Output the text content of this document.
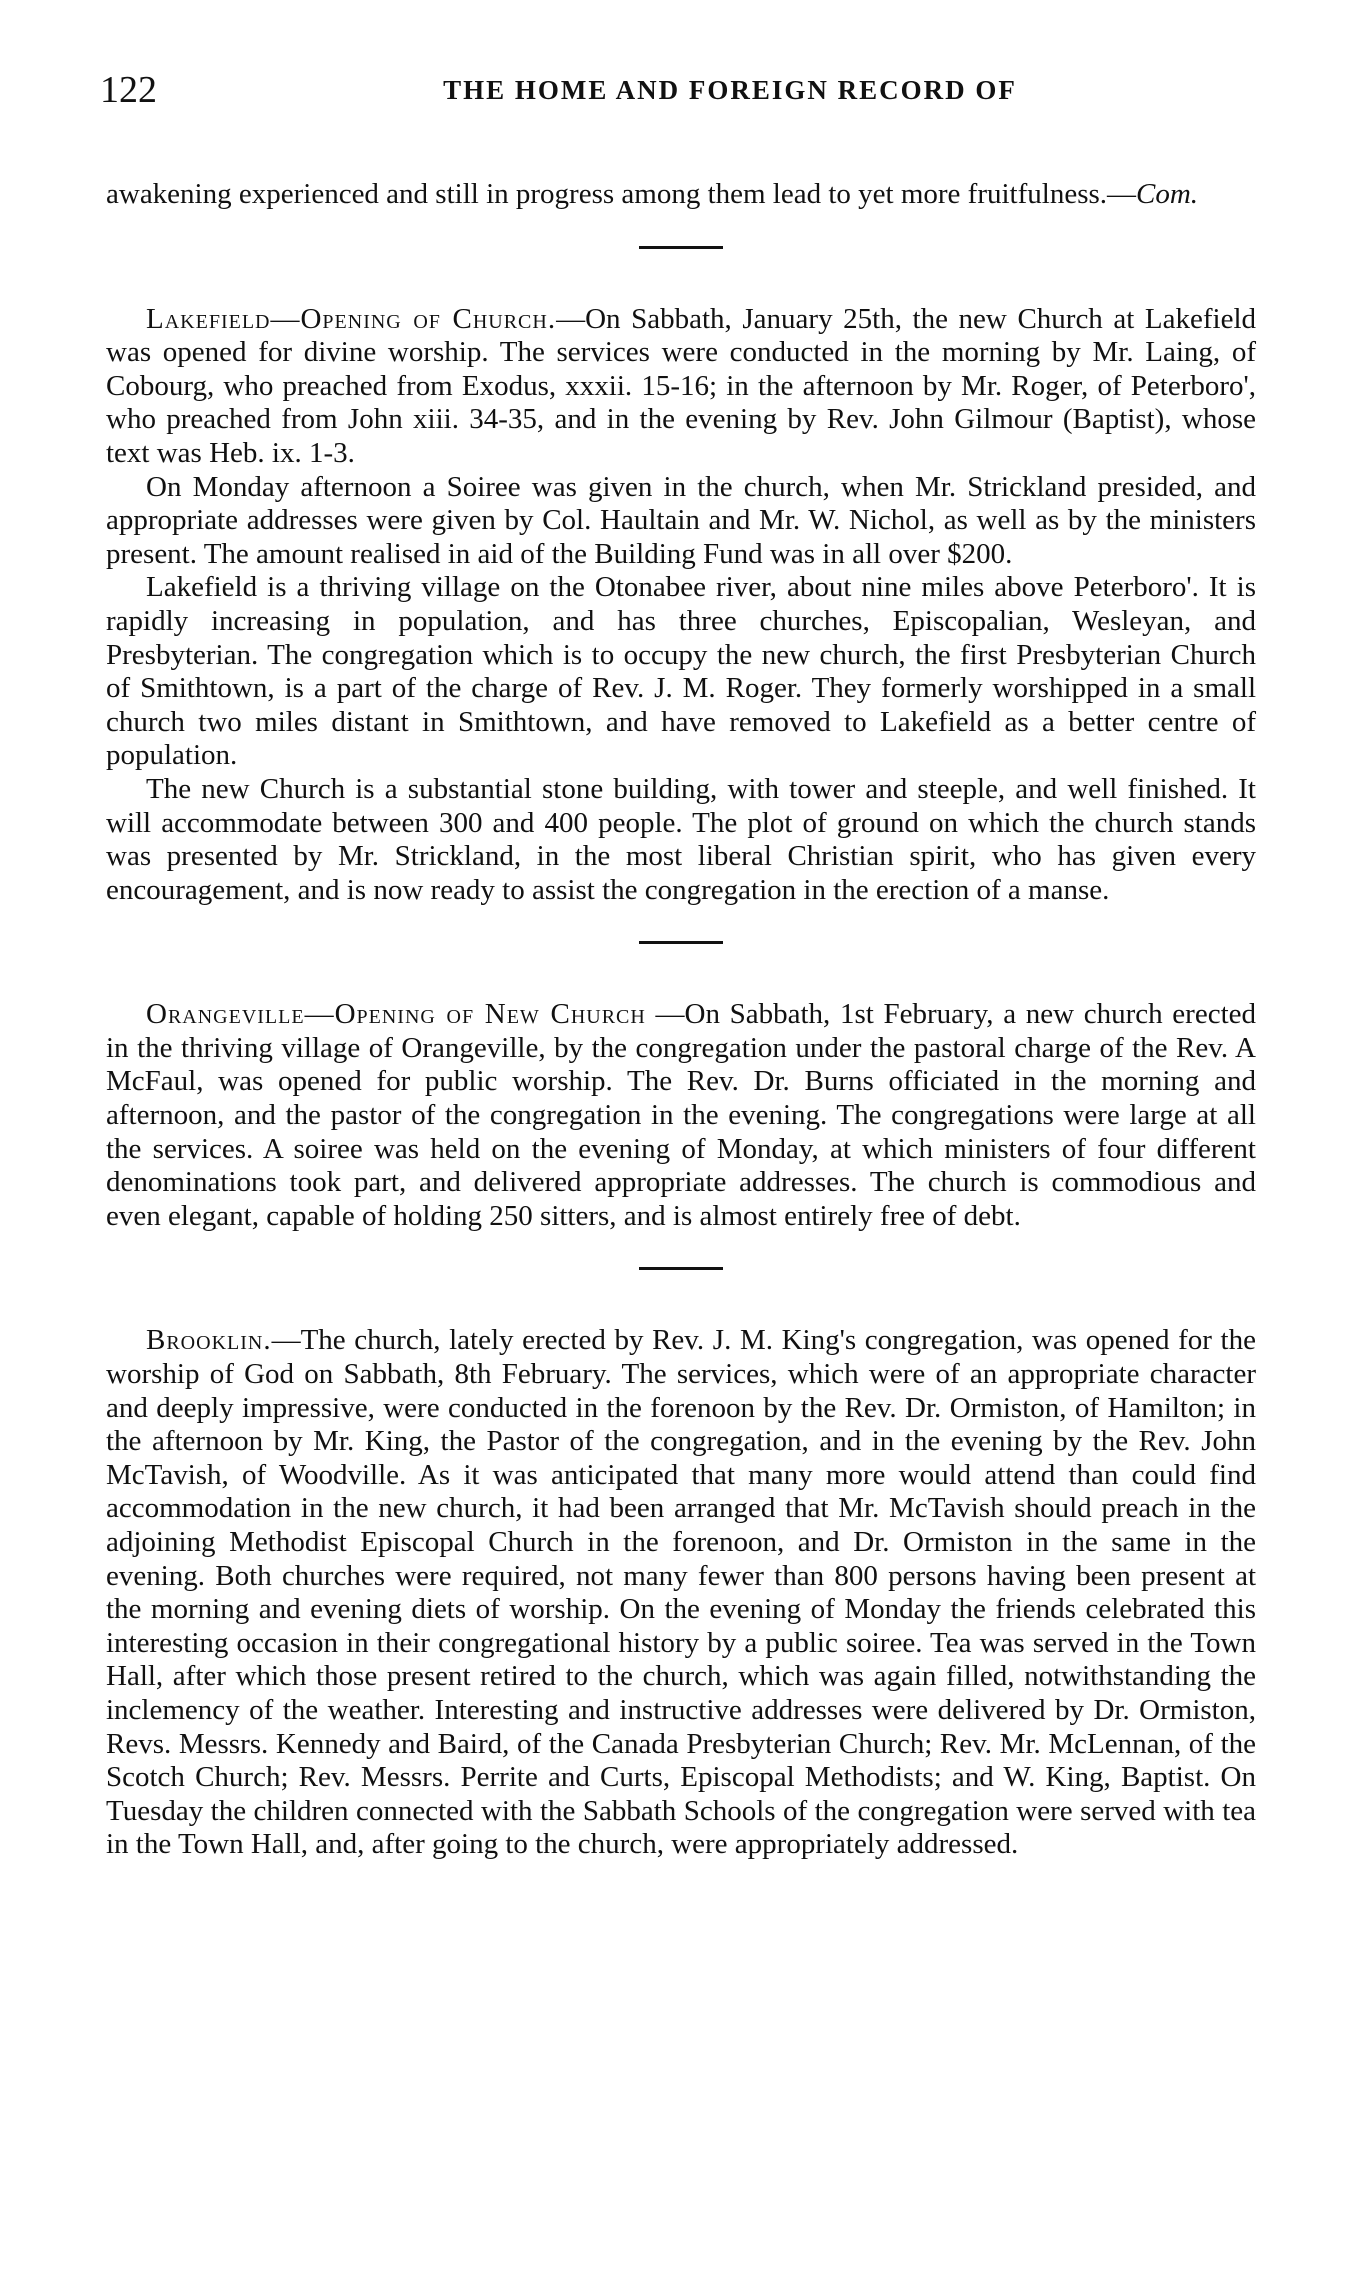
122	THE HOME AND FOREIGN RECORD OF

awakening experienced and still in progress among them lead to yet more fruitfulness.—Com.

Lakefield—Opening of Church.—On Sabbath, January 25th, the new Church at Lakefield was opened for divine worship. The services were conducted in the morning by Mr. Laing, of Cobourg, who preached from Exodus, xxxii. 15-16; in the afternoon by Mr. Roger, of Peterboro', who preached from John xiii. 34-35, and in the evening by Rev. John Gilmour (Baptist), whose text was Heb. ix. 1-3.

On Monday afternoon a Soiree was given in the church, when Mr. Strickland presided, and appropriate addresses were given by Col. Haultain and Mr. W. Nichol, as well as by the ministers present. The amount realised in aid of the Building Fund was in all over $200.

Lakefield is a thriving village on the Otonabee river, about nine miles above Peterboro'. It is rapidly increasing in population, and has three churches, Episcopalian, Wesleyan, and Presbyterian. The congregation which is to occupy the new church, the first Presbyterian Church of Smithtown, is a part of the charge of Rev. J. M. Roger. They formerly worshipped in a small church two miles distant in Smithtown, and have removed to Lakefield as a better centre of population.

The new Church is a substantial stone building, with tower and steeple, and well finished. It will accommodate between 300 and 400 people. The plot of ground on which the church stands was presented by Mr. Strickland, in the most liberal Christian spirit, who has given every encouragement, and is now ready to assist the congregation in the erection of a manse.

Orangeville—Opening of New Church —On Sabbath, 1st February, a new church erected in the thriving village of Orangeville, by the congregation under the pastoral charge of the Rev. A McFaul, was opened for public worship. The Rev. Dr. Burns officiated in the morning and afternoon, and the pastor of the congregation in the evening. The congregations were large at all the services. A soiree was held on the evening of Monday, at which ministers of four different denominations took part, and delivered appropriate addresses. The church is commodious and even elegant, capable of holding 250 sitters, and is almost entirely free of debt.

Brooklin.—The church, lately erected by Rev. J. M. King's congregation, was opened for the worship of God on Sabbath, 8th February. The services, which were of an appropriate character and deeply impressive, were conducted in the forenoon by the Rev. Dr. Ormiston, of Hamilton; in the afternoon by Mr. King, the Pastor of the congregation, and in the evening by the Rev. John McTavish, of Woodville. As it was anticipated that many more would attend than could find accommodation in the new church, it had been arranged that Mr. McTavish should preach in the adjoining Methodist Episcopal Church in the forenoon, and Dr. Ormiston in the same in the evening. Both churches were required, not many fewer than 800 persons having been present at the morning and evening diets of worship. On the evening of Monday the friends celebrated this interesting occasion in their congregational history by a public soiree. Tea was served in the Town Hall, after which those present retired to the church, which was again filled, notwithstanding the inclemency of the weather. Interesting and instructive addresses were delivered by Dr. Ormiston, Revs. Messrs. Kennedy and Baird, of the Canada Presbyterian Church; Rev. Mr. McLennan, of the Scotch Church; Rev. Messrs. Perrite and Curts, Episcopal Methodists; and W. King, Baptist. On Tuesday the children connected with the Sabbath Schools of the congregation were served with tea in the Town Hall, and, after going to the church, were appropriately addressed.
